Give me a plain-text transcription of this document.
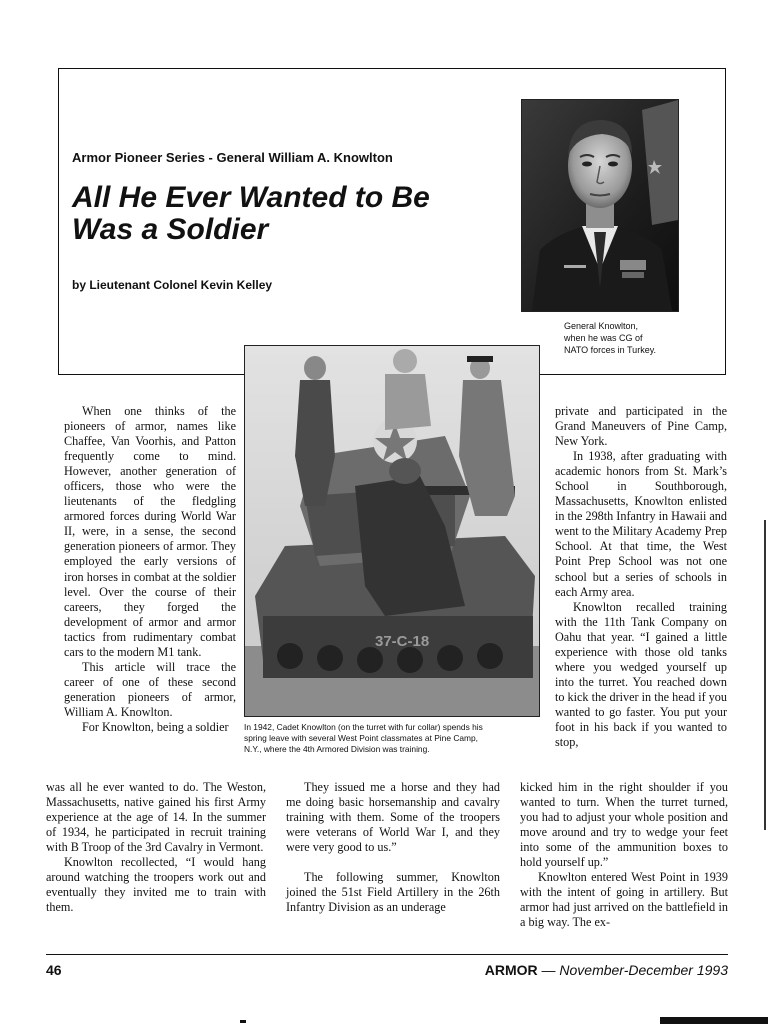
Armor Pioneer Series - General William A. Knowlton
All He Ever Wanted to Be
Was a Soldier
by Lieutenant Colonel Kevin Kelley
General Knowlton,
when he was CG of
NATO forces in Turkey.
37-C-18
In 1942, Cadet Knowlton (on the turret with fur collar) spends his
spring leave with several West Point classmates at Pine Camp,
N.Y., where the 4th Armored Division was training.

When one thinks of the pioneers of armor, names like Chaffee, Van Voorhis, and Patton frequently come to mind. However, another generation of officers, those who were the lieutenants of the fledgling armored forces during World War II, were, in a sense, the second generation pioneers of armor. They employed the early versions of iron horses in combat at the soldier level. Over the course of their careers, they forged the development of armor and armor tactics from rudimentary combat cars to the modern M1 tank.

This article will trace the career of one of these second generation pioneers of armor, William A. Knowlton.

For Knowlton, being a soldier

was all he ever wanted to do. The Weston, Massachusetts, native gained his first Army experience at the age of 14. In the summer of 1934, he participated in recruit training with B Troop of the 3rd Cavalry in Vermont.

Knowlton recollected, “I would hang around watching the troopers work out and eventually they invited me to train with them.

They issued me a horse and they had me doing basic horsemanship and cavalry training with them. Some of the troopers were veterans of World War I, and they were very good to us.”

The following summer, Knowlton joined the 51st Field Artillery in the 26th Infantry Division as an underage

private and participated in the Grand Maneuvers of Pine Camp, New York.

In 1938, after graduating with academic honors from St. Mark’s School in Southborough, Massachusetts, Knowlton enlisted in the 298th Infantry in Hawaii and went to the Military Academy Prep School. At that time, the West Point Prep School was not one school but a series of schools in each Army area.

Knowlton recalled training with the 11th Tank Company on Oahu that year. “I gained a little experience with those old tanks where you wedged yourself up into the turret. You reached down to kick the driver in the head if you wanted to go faster. You put your foot in his back if you wanted to stop,

kicked him in the right shoulder if you wanted to turn. When the turret turned, you had to adjust your whole position and move around and try to wedge your feet into some of the ammunition boxes to hold yourself up.”

Knowlton entered West Point in 1939 with the intent of going in artillery. But armor had just arrived on the battlefield in a big way. The ex-

46	ARMOR — November-December 1993
